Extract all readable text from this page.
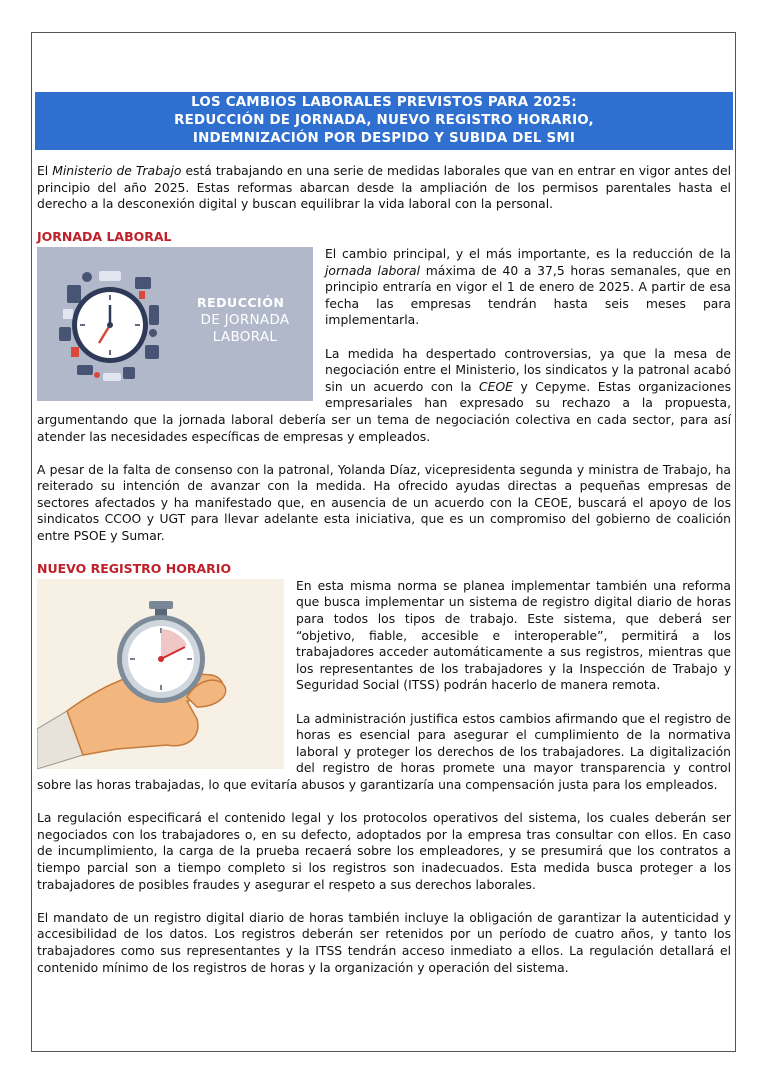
LOS CAMBIOS LABORALES PREVISTOS PARA 2025:
REDUCCIÓN DE JORNADA, NUEVO REGISTRO HORARIO,
INDEMNIZACIÓN POR DESPIDO Y SUBIDA DEL SMI

El Ministerio de Trabajo está trabajando en una serie de medidas laborales que van en entrar en vigor antes del principio del año 2025. Estas reformas abarcan desde la ampliación de los permisos parentales hasta el derecho a la desconexión digital y buscan equilibrar la vida laboral con la personal.

JORNADA LABORAL
REDUCCIÓN
DE JORNADA
LABORAL

El cambio principal, y el más importante, es la reducción de la jornada laboral máxima de 40 a 37,5 horas semanales, que en principio entraría en vigor el 1 de enero de 2025. A partir de esa fecha las empresas tendrán hasta seis meses para implementarla.

La medida ha despertado controversias, ya que la mesa de negociación entre el Ministerio, los sindicatos y la patronal acabó sin un acuerdo con la CEOE y Cepyme. Estas organizaciones empresariales han expresado su rechazo a la propuesta, argumentando que la jornada laboral debería ser un tema de negociación colectiva en cada sector, para así atender las necesidades específicas de empresas y empleados.

A pesar de la falta de consenso con la patronal, Yolanda Díaz, vicepresidenta segunda y ministra de Trabajo, ha reiterado su intención de avanzar con la medida. Ha ofrecido ayudas directas a pequeñas empresas de sectores afectados y ha manifestado que, en ausencia de un acuerdo con la CEOE, buscará el apoyo de los sindicatos CCOO y UGT para llevar adelante esta iniciativa, que es un compromiso del gobierno de coalición entre PSOE y Sumar.

NUEVO REGISTRO HORARIO

En esta misma norma se planea implementar también una reforma que busca implementar un sistema de registro digital diario de horas para todos los tipos de trabajo. Este sistema, que deberá ser “objetivo, fiable, accesible e interoperable”, permitirá a los trabajadores acceder automáticamente a sus registros, mientras que los representantes de los trabajadores y la Inspección de Trabajo y Seguridad Social (ITSS) podrán hacerlo de manera remota.

La administración justifica estos cambios afirmando que el registro de horas es esencial para asegurar el cumplimiento de la normativa laboral y proteger los derechos de los trabajadores. La digitalización del registro de horas promete una mayor transparencia y control sobre las horas trabajadas, lo que evitaría abusos y garantizaría una compensación justa para los empleados.

La regulación especificará el contenido legal y los protocolos operativos del sistema, los cuales deberán ser negociados con los trabajadores o, en su defecto, adoptados por la empresa tras consultar con ellos. En caso de incumplimiento, la carga de la prueba recaerá sobre los empleadores, y se presumirá que los contratos a tiempo parcial son a tiempo completo si los registros son inadecuados. Esta medida busca proteger a los trabajadores de posibles fraudes y asegurar el respeto a sus derechos laborales.

El mandato de un registro digital diario de horas también incluye la obligación de garantizar la autenticidad y accesibilidad de los datos. Los registros deberán ser retenidos por un período de cuatro años, y tanto los trabajadores como sus representantes y la ITSS tendrán acceso inmediato a ellos. La regulación detallará el contenido mínimo de los registros de horas y la organización y operación del sistema.
